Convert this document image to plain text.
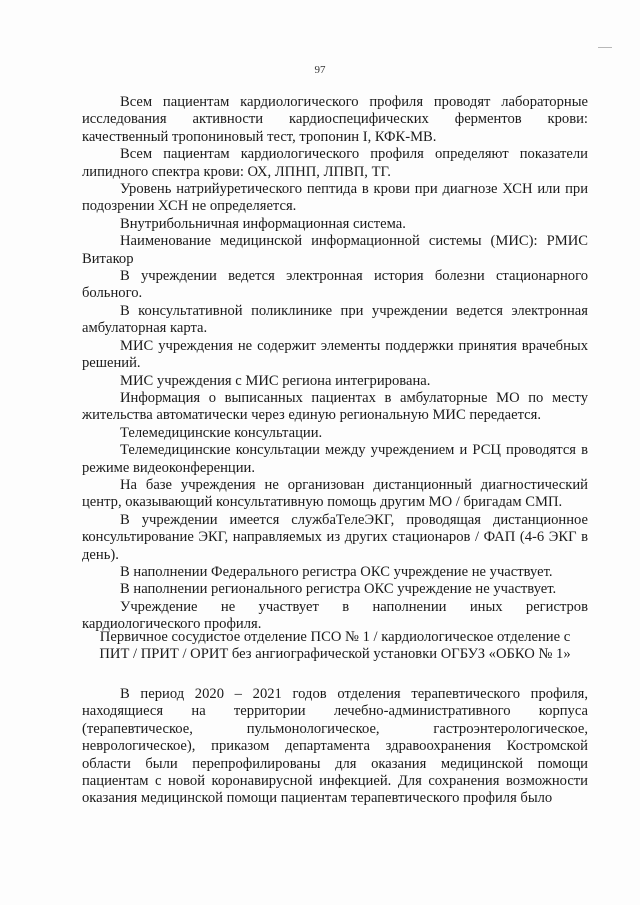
97

Всем пациентам кардиологического профиля проводят лабораторные исследования активности кардиоспецифических ферментов крови: качественный тропониновый тест, тропонин I, КФК-МВ.

Всем пациентам кардиологического профиля определяют показатели липидного спектра крови: ОХ, ЛПНП, ЛПВП, ТГ.

Уровень натрийуретического пептида в крови при диагнозе ХСН или при подозрении ХСН не определяется.

Внутрибольничная информационная система.

Наименование медицинской информационной системы (МИС): РМИС Витакор

В учреждении ведется электронная история болезни стационарного больного.

В консультативной поликлинике при учреждении ведется электронная амбулаторная карта.

МИС учреждения не содержит элементы поддержки принятия врачебных решений.

МИС учреждения с МИС региона интегрирована.

Информация о выписанных пациентах в амбулаторные МО по месту жительства автоматически через единую региональную МИС передается.

Телемедицинские консультации.

Телемедицинские консультации между учреждением и РСЦ проводятся в режиме видеоконференции.

На базе учреждения не организован дистанционный диагностический центр, оказывающий консультативную помощь другим МО / бригадам СМП.

В учреждении имеется службаТелеЭКГ, проводящая дистанционное консультирование ЭКГ, направляемых из других стационаров / ФАП (4-6 ЭКГ в день).

В наполнении Федерального регистра ОКС учреждение не участвует.

В наполнении регионального регистра ОКС учреждение не участвует.

Учреждение не участвует в наполнении иных регистров кардиологического профиля.

Первичное сосудистое отделение ПСО № 1 / кардиологическое отделение с
ПИТ / ПРИТ / ОРИТ без ангиографической установки ОГБУЗ «ОБКО № 1»

В период 2020 – 2021 годов отделения терапевтического профиля, находящиеся на территории лечебно-административного корпуса (терапевтическое, пульмонологическое, гастроэнтерологическое, неврологическое), приказом департамента здравоохранения Костромской области были перепрофилированы для оказания медицинской помощи пациентам с новой коронавирусной инфекцией. Для сохранения возможности оказания медицинской помощи пациентам терапевтического профиля было
